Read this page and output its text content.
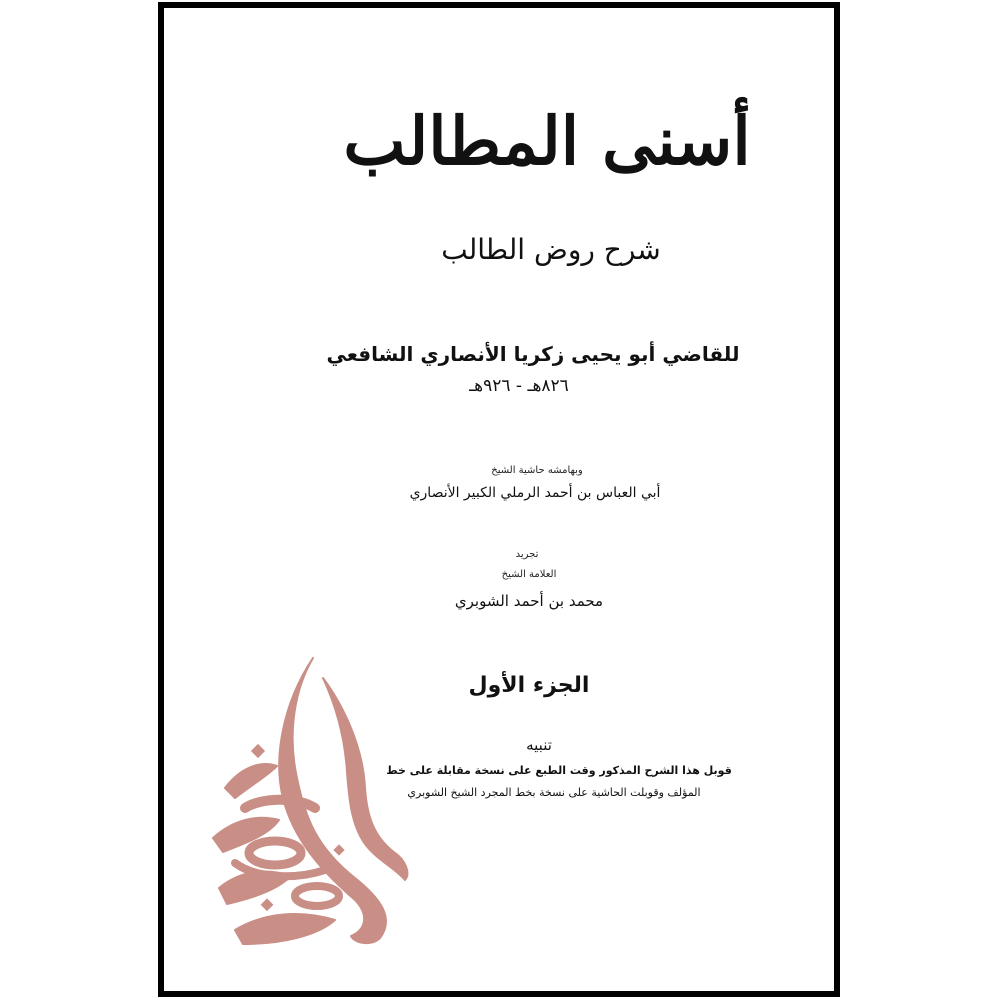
أسنى المطالب
شرح روض الطالب
للقاضي أبو يحيى زكريا الأنصاري الشافعي
٨٢٦هـ - ٩٢٦هـ
وبهامشه حاشية الشيخ
أبي العباس بن أحمد الرملي الكبير الأنصاري
تجريد
العلامة الشيخ
محمد بن أحمد الشوبري
الجزء الأول
تنبيه
قوبل هذا الشرح المذكور وقت الطبع على نسخة مقابلة على خط
المؤلف وقوبلت الحاشية على نسخة بخط المجرد الشيخ الشوبري
